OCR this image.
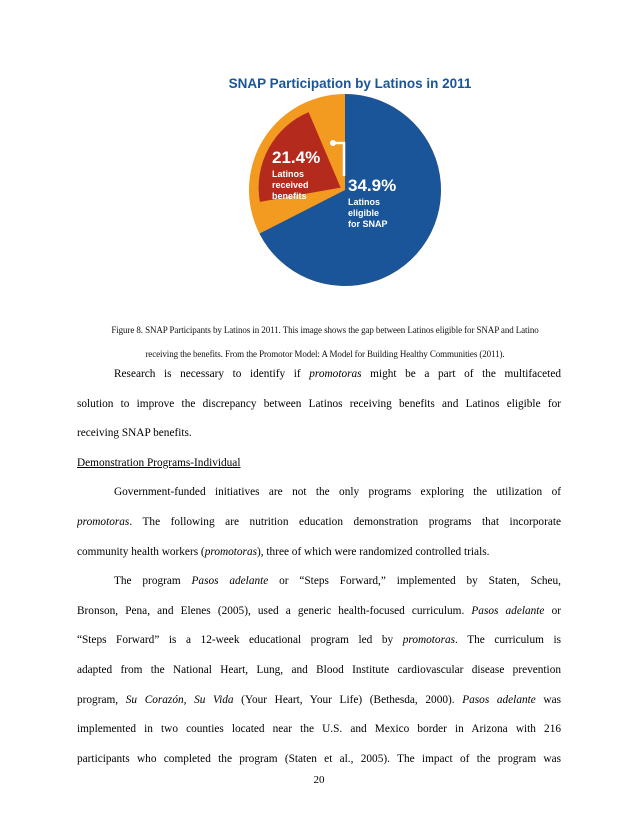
SNAP Participation by Latinos in 2011
21.4%
Latinos
received
benefits
34.9%
Latinos
eligible
for SNAP
Figure 8. SNAP Participants by Latinos in 2011. This image shows the gap between Latinos eligible for SNAP and Latino
receiving the benefits. From the Promotor Model: A Model for Building Healthy Communities (2011).
Research is necessary to identify if promotoras might be a part of the multifaceted
solution to improve the discrepancy between Latinos receiving benefits and Latinos eligible for
receiving SNAP benefits.
Demonstration Programs-Individual
Government-funded initiatives are not the only programs exploring the utilization of
promotoras. The following are nutrition education demonstration programs that incorporate
community health workers (promotoras), three of which were randomized controlled trials.
The program Pasos adelante or “Steps Forward,” implemented by Staten, Scheu,
Bronson, Pena, and Elenes (2005), used a generic health-focused curriculum. Pasos adelante or
“Steps Forward” is a 12-week educational program led by promotoras. The curriculum is
adapted from the National Heart, Lung, and Blood Institute cardiovascular disease prevention
program, Su Corazón, Su Vida (Your Heart, Your Life) (Bethesda, 2000). Pasos adelante was
implemented in two counties located near the U.S. and Mexico border in Arizona with 216
participants who completed the program (Staten et al., 2005). The impact of the program was
20
